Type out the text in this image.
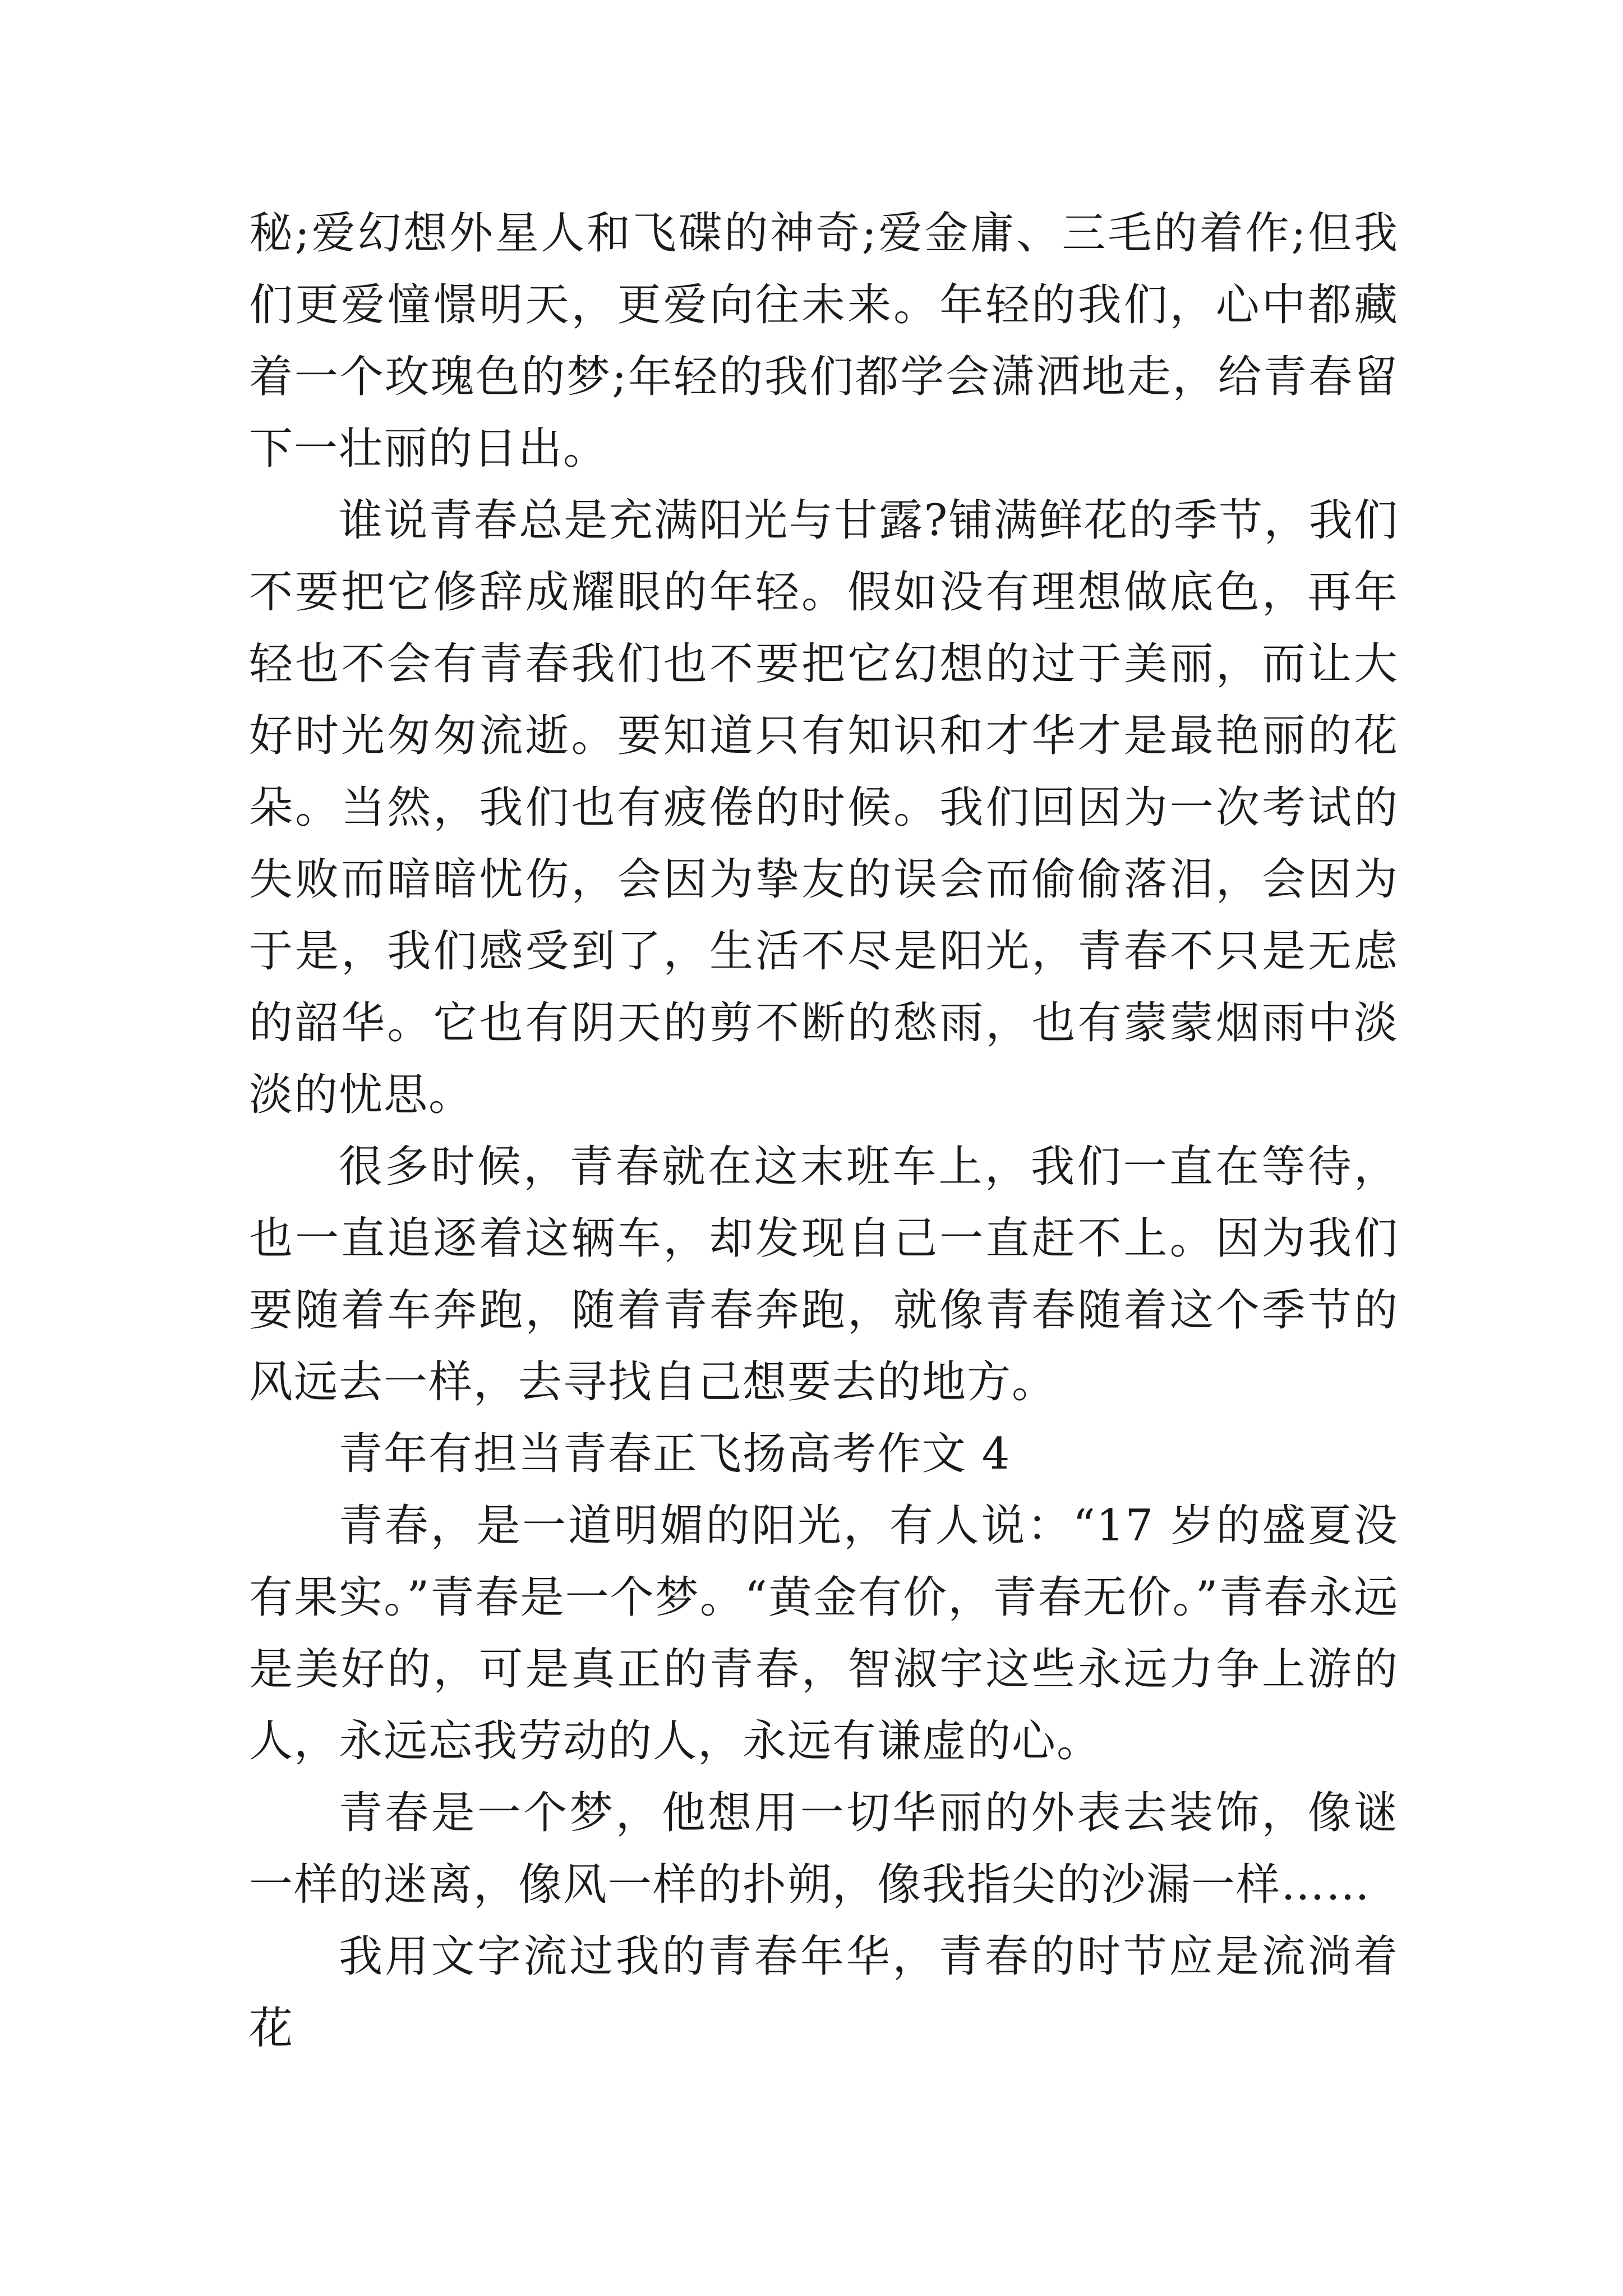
秘;爱幻想外星人和飞碟的神奇;爱金庸、三毛的着作;但我们更爱憧憬明天，更爱向往未来。年轻的我们，心中都藏着一个玫瑰色的梦;年轻的我们都学会潇洒地走，给青春留下一壮丽的日出。

谁说青春总是充满阳光与甘露?铺满鲜花的季节，我们不要把它修辞成耀眼的年轻。假如没有理想做底色，再年轻也不会有青春我们也不要把它幻想的过于美丽，而让大好时光匆匆流逝。要知道只有知识和才华才是最艳丽的花朵。当然，我们也有疲倦的时候。我们回因为一次考试的失败而暗暗忧伤，会因为挚友的误会而偷偷落泪，会因为于是，我们感受到了，生活不尽是阳光，青春不只是无虑的韶华。它也有阴天的剪不断的愁雨，也有蒙蒙烟雨中淡淡的忧思。

很多时候，青春就在这末班车上，我们一直在等待，也一直追逐着这辆车，却发现自己一直赶不上。因为我们要随着车奔跑，随着青春奔跑，就像青春随着这个季节的风远去一样，去寻找自己想要去的地方。

青年有担当青春正飞扬高考作文 4

青春，是一道明媚的阳光，有人说：“17 岁的盛夏没有果实。”青春是一个梦。“黄金有价，青春无价。”青春永远是美好的，可是真正的青春，智淑宇这些永远力争上游的人，永远忘我劳动的人，永远有谦虚的心。

青春是一个梦，他想用一切华丽的外表去装饰，像谜一样的迷离，像风一样的扑朔，像我指尖的沙漏一样……

我用文字流过我的青春年华，青春的时节应是流淌着花
